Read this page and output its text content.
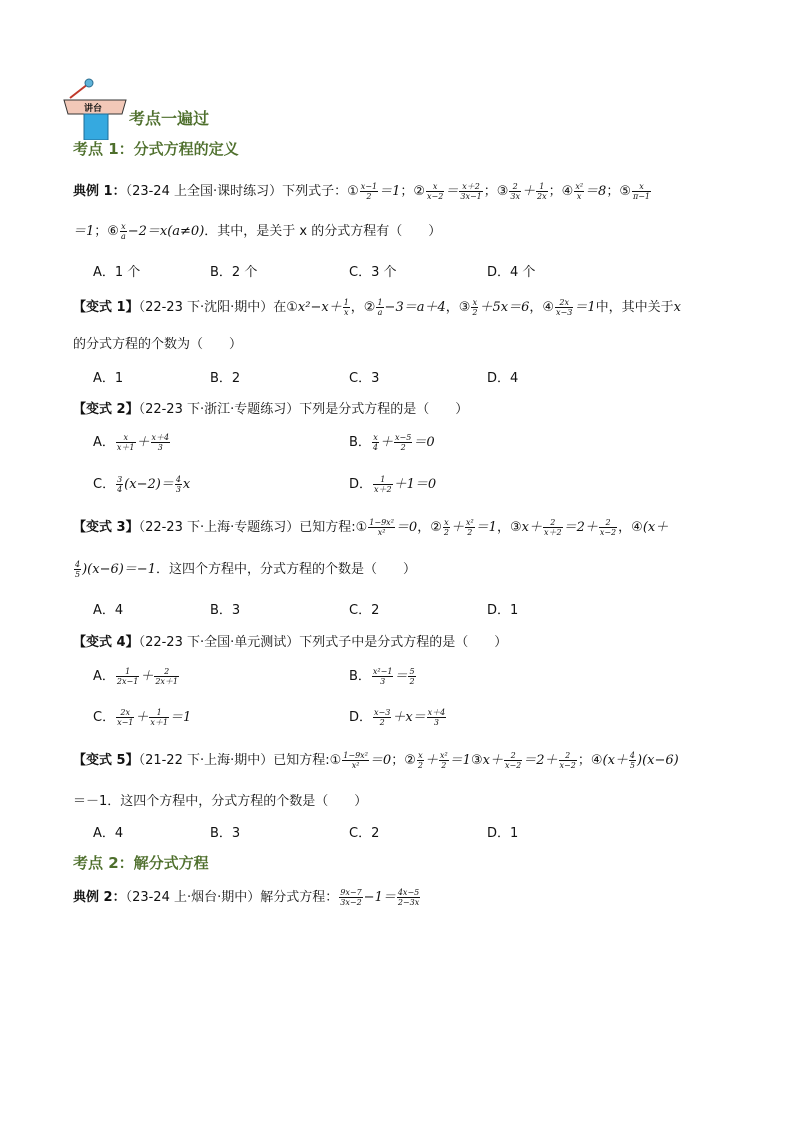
讲台 考点一遍过
考点 1：分式方程的定义
典例 1：（23-24 上全国·课时练习）下列式子：① $\frac{x-1}{2} =1$；② $\frac{x}{x-2} = \frac{x+2}{3x-1}$ ；③ $\frac{2}{3x} + \frac{1}{2x}$ ；④ $\frac{\text{x²}}{x} =8$；⑤ $\frac{x}{\pi-1}$
＝1；⑥ $\frac{x}{a} -2=x(a\ne 0)$．其中，是关于 x 的分式方程有（　　）
A．1 个	B．2 个	C．3 个	D．4 个
【变式 1】（22-23 下·沈阳·期中）在①x²−x＋ $\frac{1}{x}$ ，② $\frac{1}{a} -3=a+4$，③ $\frac{x}{2} +5x=6$，④ $\frac{2x}{x-3} =1$中，其中关于x
的分式方程的个数为（　　）
A．1	B．2	C．3	D．4
【变式 2】（22-23 下·浙江·专题练习）下列是分式方程的是（　　）
A． $\frac{x}{x+1} + \frac{x+4}{3}$	B． $\frac{x}{4} + \frac{x-5}{2} =0$
C． $\frac{3}{4} (x-2)= \frac{4}{3}$ x	D． $\frac{1}{x+2} +1=0$
【变式 3】（22-23 下·上海·专题练习）已知方程:① $\frac{\text{1−9x²}}{\text{x²}} =0$，② $\frac{x}{2} + \frac{\text{x²}}{2} =1$，③x＋ $\frac{2}{x+2} =2+ \frac{2}{x-2}$ ，④(x＋
$\frac{4}{5} )(x-6)=-1$．这四个方程中，分式方程的个数是（　　）
A．4	B．3	C．2	D．1
【变式 4】（22-23 下·全国·单元测试）下列式子中是分式方程的是（　　）
A． $\frac{1}{2x-1} + \frac{2}{2x+1}$	B． $\frac{\text{x²−1}}{3} = \frac{5}{2}$
C． $\frac{2x}{x-1} + \frac{1}{x+1} =1$	D． $\frac{x-3}{2} +x= \frac{x+4}{3}$
【变式 5】（21-22 下·上海·期中）已知方程:① $\frac{\text{1−9x²}}{\text{x²}} =0$；② $\frac{x}{2} + \frac{\text{x²}}{2}$ ＝1③x＋ $\frac{2}{x-2} =2+ \frac{2}{x-2}$ ；④(x＋ $\frac{4}{5} )(x-6)$
＝－1．这四个方程中，分式方程的个数是（　　）
A．4	B．3	C．2	D．1
考点 2：解分式方程
典例 2：（23-24 上·烟台·期中）解分式方程： $\frac{9x-7}{3x-2} -1= \frac{4x-5}{2-3x}$
